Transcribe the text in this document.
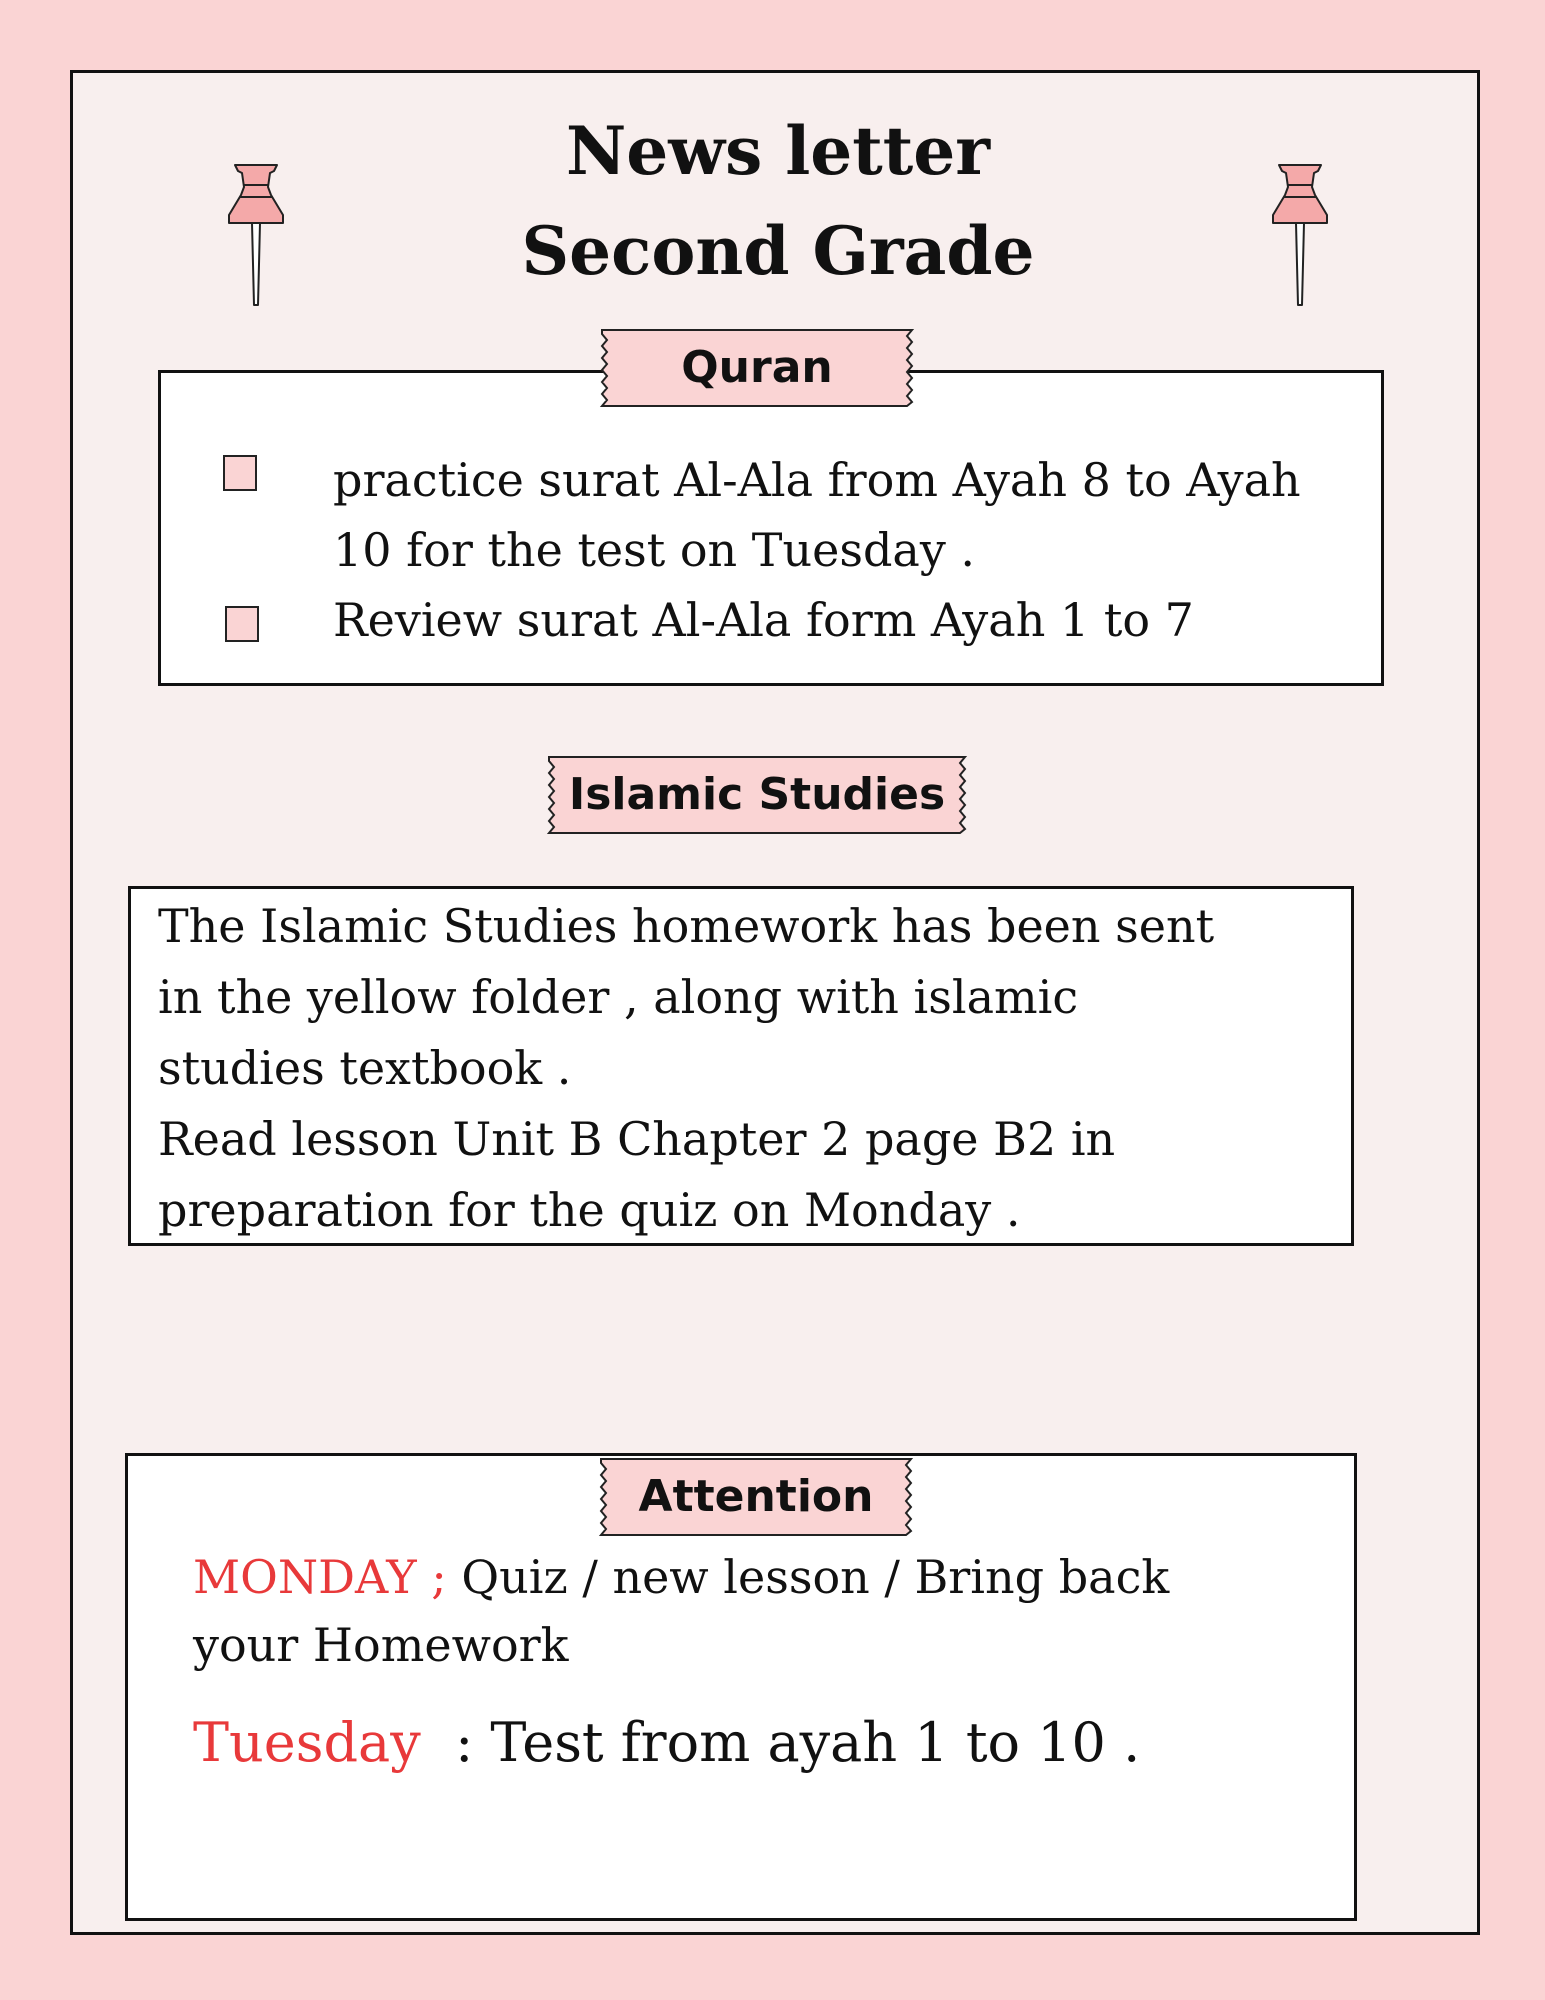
News letter
Second Grade
Quran
practice surat Al-Ala from Ayah 8 to Ayah 10 for the test on Tuesday .
Review surat Al-Ala form Ayah 1 to 7
Islamic Studies
The Islamic Studies homework has been sent
in the yellow folder , along with islamic
studies textbook .
Read lesson Unit B Chapter 2 page B2 in
preparation for the quiz on Monday .
Attention
MONDAY ; Quiz / new lesson / Bring back
your Homework
Tuesday  : Test from ayah 1 to 10 .
